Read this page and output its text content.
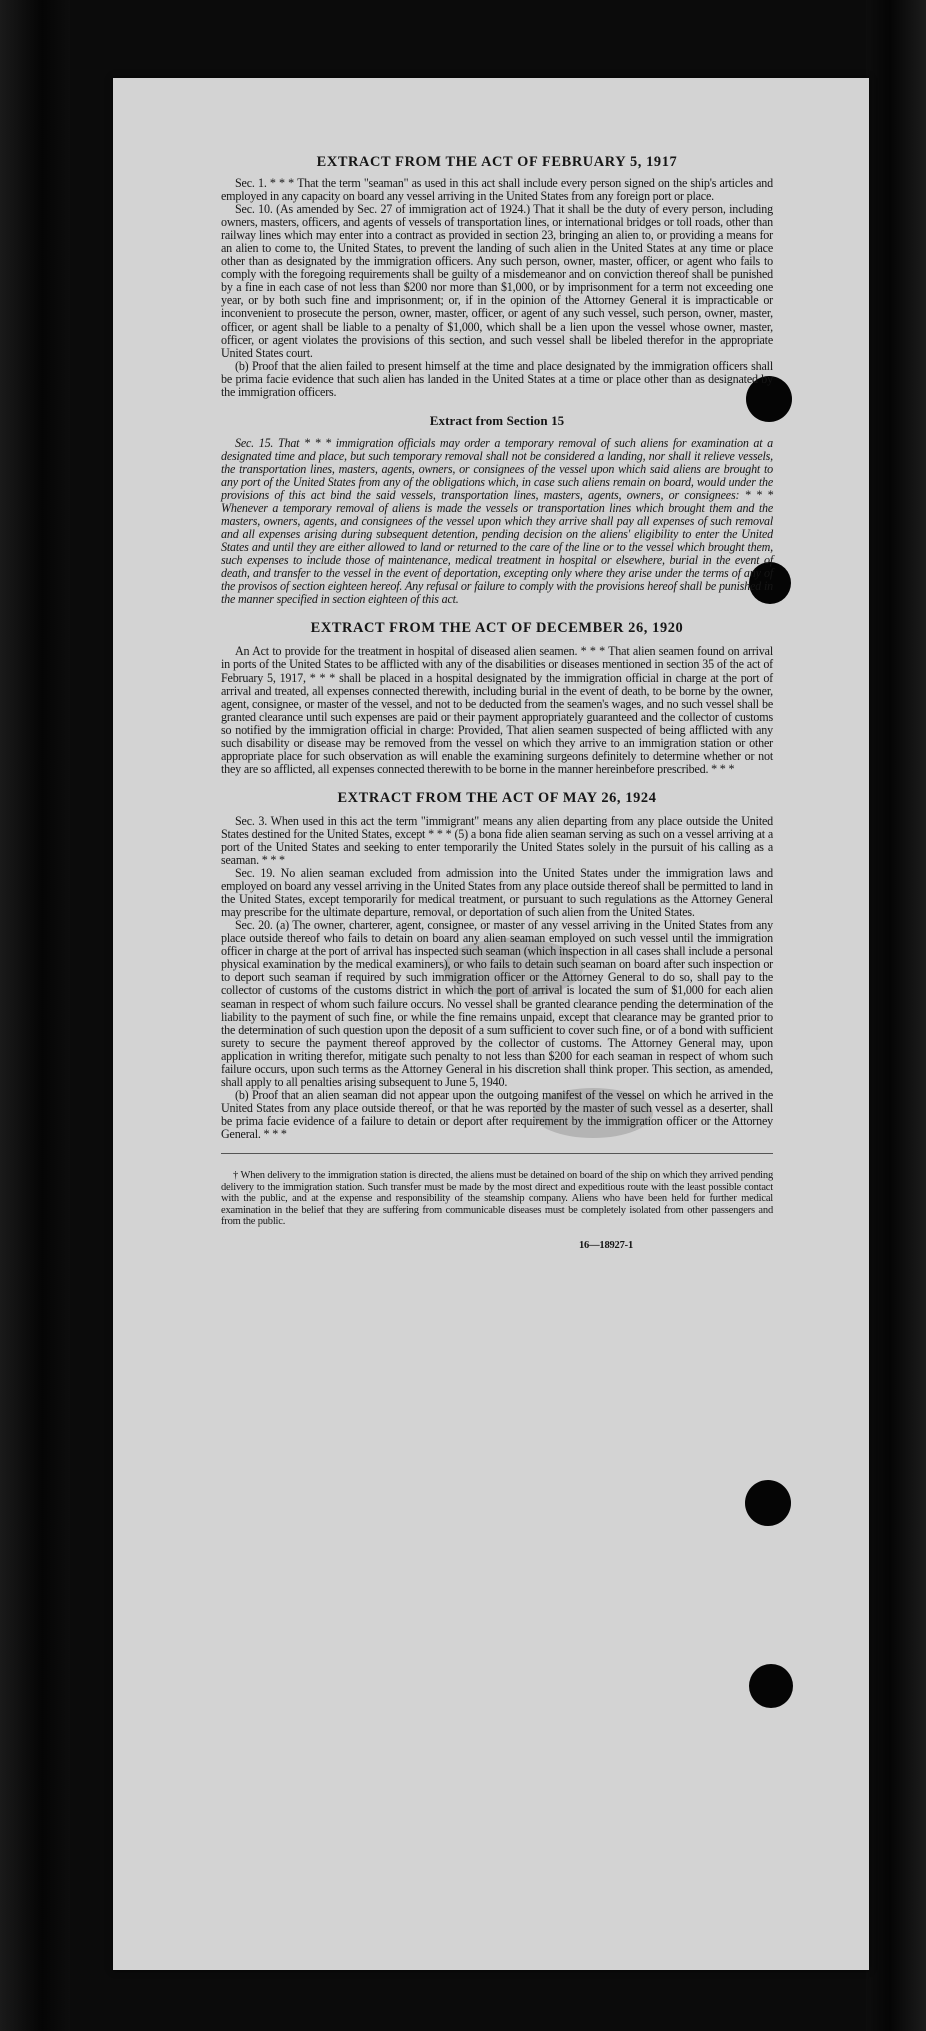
EXTRACT FROM THE ACT OF FEBRUARY 5, 1917

Sec. 1. * * * That the term "seaman" as used in this act shall include every person signed on the ship's articles and employed in any capacity on board any vessel arriving in the United States from any foreign port or place.

Sec. 10. (As amended by Sec. 27 of immigration act of 1924.) That it shall be the duty of every person, including owners, masters, officers, and agents of vessels of transportation lines, or international bridges or toll roads, other than railway lines which may enter into a contract as provided in section 23, bringing an alien to, or providing a means for an alien to come to, the United States, to prevent the landing of such alien in the United States at any time or place other than as designated by the immigration officers. Any such person, owner, master, officer, or agent who fails to comply with the foregoing requirements shall be guilty of a misdemeanor and on conviction thereof shall be punished by a fine in each case of not less than $200 nor more than $1,000, or by imprisonment for a term not exceeding one year, or by both such fine and imprisonment; or, if in the opinion of the Attorney General it is impracticable or inconvenient to prosecute the person, owner, master, officer, or agent of any such vessel, such person, owner, master, officer, or agent shall be liable to a penalty of $1,000, which shall be a lien upon the vessel whose owner, master, officer, or agent violates the provisions of this section, and such vessel shall be libeled therefor in the appropriate United States court.

(b) Proof that the alien failed to present himself at the time and place designated by the immigration officers shall be prima facie evidence that such alien has landed in the United States at a time or place other than as designated by the immigration officers.

Extract from Section 15

Sec. 15. That * * * immigration officials may order a temporary removal of such aliens for examination at a designated time and place, but such temporary removal shall not be considered a landing, nor shall it relieve vessels, the transportation lines, masters, agents, owners, or consignees of the vessel upon which said aliens are brought to any port of the United States from any of the obligations which, in case such aliens remain on board, would under the provisions of this act bind the said vessels, transportation lines, masters, agents, owners, or consignees: * * * Whenever a temporary removal of aliens is made the vessels or transportation lines which brought them and the masters, owners, agents, and consignees of the vessel upon which they arrive shall pay all expenses of such removal and all expenses arising during subsequent detention, pending decision on the aliens' eligibility to enter the United States and until they are either allowed to land or returned to the care of the line or to the vessel which brought them, such expenses to include those of maintenance, medical treatment in hospital or elsewhere, burial in the event of death, and transfer to the vessel in the event of deportation, excepting only where they arise under the terms of any of the provisos of section eighteen hereof. Any refusal or failure to comply with the provisions hereof shall be punished in the manner specified in section eighteen of this act.

EXTRACT FROM THE ACT OF DECEMBER 26, 1920

An Act to provide for the treatment in hospital of diseased alien seamen. * * * That alien seamen found on arrival in ports of the United States to be afflicted with any of the disabilities or diseases mentioned in section 35 of the act of February 5, 1917, * * * shall be placed in a hospital designated by the immigration official in charge at the port of arrival and treated, all expenses connected therewith, including burial in the event of death, to be borne by the owner, agent, consignee, or master of the vessel, and not to be deducted from the seamen's wages, and no such vessel shall be granted clearance until such expenses are paid or their payment appropriately guaranteed and the collector of customs so notified by the immigration official in charge: Provided, That alien seamen suspected of being afflicted with any such disability or disease may be removed from the vessel on which they arrive to an immigration station or other appropriate place for such observation as will enable the examining surgeons definitely to determine whether or not they are so afflicted, all expenses connected therewith to be borne in the manner hereinbefore prescribed. * * *

EXTRACT FROM THE ACT OF MAY 26, 1924

Sec. 3. When used in this act the term "immigrant" means any alien departing from any place outside the United States destined for the United States, except * * * (5) a bona fide alien seaman serving as such on a vessel arriving at a port of the United States and seeking to enter temporarily the United States solely in the pursuit of his calling as a seaman. * * *

Sec. 19. No alien seaman excluded from admission into the United States under the immigration laws and employed on board any vessel arriving in the United States from any place outside thereof shall be permitted to land in the United States, except temporarily for medical treatment, or pursuant to such regulations as the Attorney General may prescribe for the ultimate departure, removal, or deportation of such alien from the United States.

Sec. 20. (a) The owner, charterer, agent, consignee, or master of any vessel arriving in the United States from any place outside thereof who fails to detain on board any alien seaman employed on such vessel until the immigration officer in charge at the port of arrival has inspected such seaman (which inspection in all cases shall include a personal physical examination by the medical examiners), or who fails to detain such seaman on board after such inspection or to deport such seaman if required by such immigration officer or the Attorney General to do so, shall pay to the collector of customs of the customs district in which the port of arrival is located the sum of $1,000 for each alien seaman in respect of whom such failure occurs. No vessel shall be granted clearance pending the determination of the liability to the payment of such fine, or while the fine remains unpaid, except that clearance may be granted prior to the determination of such question upon the deposit of a sum sufficient to cover such fine, or of a bond with sufficient surety to secure the payment thereof approved by the collector of customs. The Attorney General may, upon application in writing therefor, mitigate such penalty to not less than $200 for each seaman in respect of whom such failure occurs, upon such terms as the Attorney General in his discretion shall think proper. This section, as amended, shall apply to all penalties arising subsequent to June 5, 1940.

(b) Proof that an alien seaman did not appear upon the outgoing manifest of the vessel on which he arrived in the United States from any place outside thereof, or that he was reported by the master of such vessel as a deserter, shall be prima facie evidence of a failure to detain or deport after requirement by the immigration officer or the Attorney General. * * *

† When delivery to the immigration station is directed, the aliens must be detained on board of the ship on which they arrived pending delivery to the immigration station. Such transfer must be made by the most direct and expeditious route with the least possible contact with the public, and at the expense and responsibility of the steamship company. Aliens who have been held for further medical examination in the belief that they are suffering from communicable diseases must be completely isolated from other passengers and from the public.

16—18927-1
